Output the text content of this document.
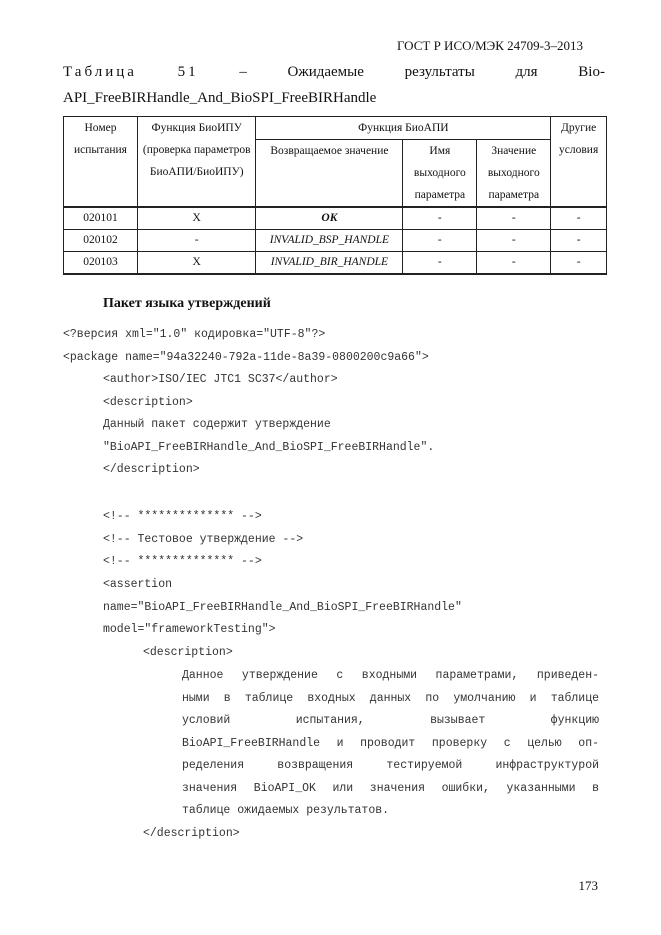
ГОСТ Р ИСО/МЭК 24709-3–2013
Таблица	51	–	Ожидаемые	результаты	для	Bio-
API_FreeBIRHandle_And_BioSPI_FreeBIRHandle
Номер испытания	Функция БиоИПУ (проверка параметров БиоАПИ/БиоИПУ)	Функция БиоАПИ			Другие условия
		Возвращаемое значение	Имя выходного параметра	Значение выходного параметра	
020101	X	OK	-	-	-
020102	-	INVALID_BSP_HANDLE	-	-	-
020103	X	INVALID_BIR_HANDLE	-	-	-
Пакет языка утверждений
<?версия xml="1.0" кодировка="UTF-8"?>
<package name="94a32240-792a-11de-8a39-0800200c9a66">
<author>ISO/IEC JTC1 SC37</author>
<description>
Данный пакет содержит утверждение
"BioAPI_FreeBIRHandle_And_BioSPI_FreeBIRHandle".
</description>
<!-- ************** -->
<!-- Тестовое утверждение -->
<!-- ************** -->
<assertion
name="BioAPI_FreeBIRHandle_And_BioSPI_FreeBIRHandle"
model="frameworkTesting">
<description>
Данное утверждение с входными параметрами, приведен-
ными в таблице входных данных по умолчанию и таблице
условий испытания, вызывает функцию
BioAPI_FreeBIRHandle и проводит проверку с целью оп-
ределения возвращения тестируемой инфраструктурой
значения BioAPI_OK или значения ошибки, указанными в
таблице ожидаемых результатов.
</description>
173
